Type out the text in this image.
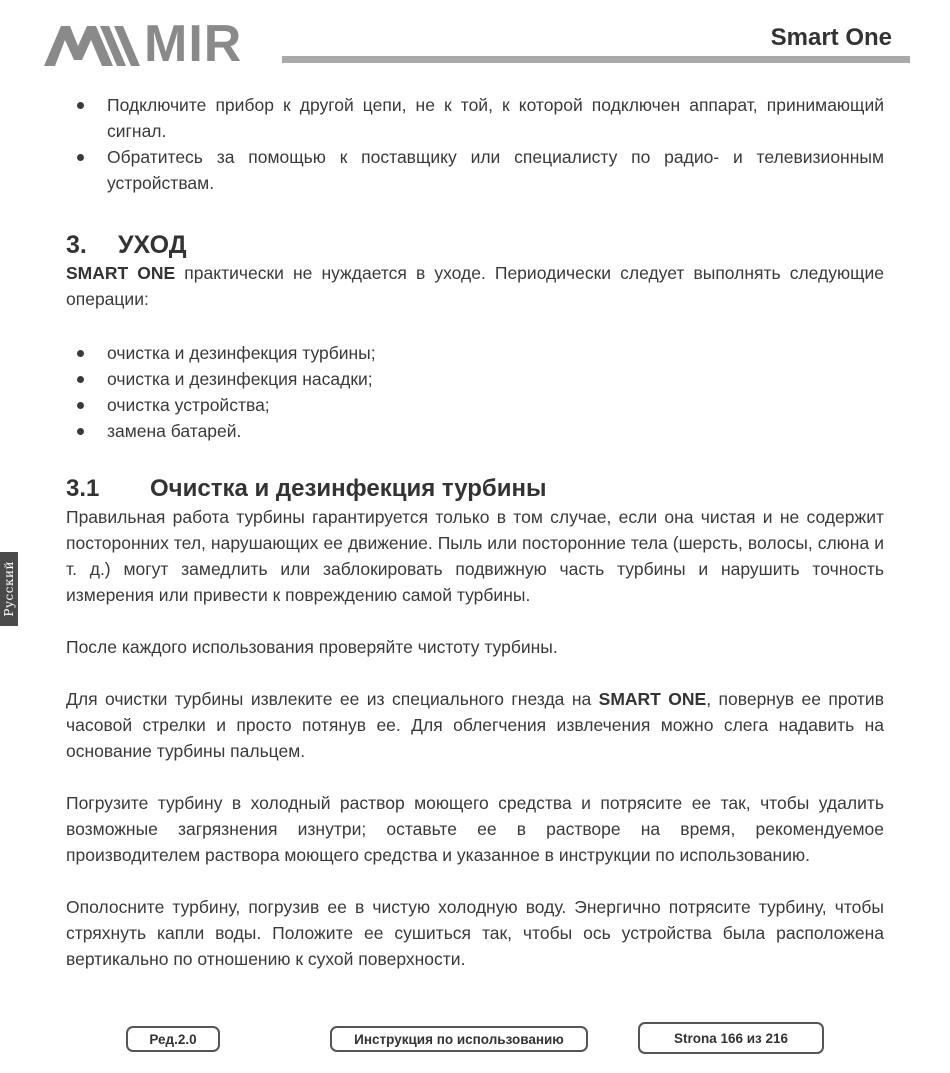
MIR	Smart One
Русский
Подключите прибор к другой цепи, не к той, к которой подключен аппарат, принимающий сигнал.
Обратитесь за помощью к поставщику или специалисту по радио- и телевизионным устройствам.
3. УХОД

SMART ONE практически не нуждается в уходе. Периодически следует выполнять следующие операции:

очистка и дезинфекция турбины;
очистка и дезинфекция насадки;
очистка устройства;
замена батарей.
3.1 Очистка и дезинфекция турбины

Правильная работа турбины гарантируется только в том случае, если она чистая и не содержит посторонних тел, нарушающих ее движение. Пыль или посторонние тела (шерсть, волосы, слюна и т. д.) могут замедлить или заблокировать подвижную часть турбины и нарушить точность измерения или привести к повреждению самой турбины.

После каждого использования проверяйте чистоту турбины.

Для очистки турбины извлеките ее из специального гнезда на SMART ONE, повернув ее против часовой стрелки и просто потянув ее. Для облегчения извлечения можно слега надавить на основание турбины пальцем.

Погрузите турбину в холодный раствор моющего средства и потрясите ее так, чтобы удалить возможные загрязнения изнутри; оставьте ее в растворе на время, рекомендуемое производителем раствора моющего средства и указанное в инструкции по использованию.

Ополосните турбину, погрузив ее в чистую холодную воду. Энергично потрясите турбину, чтобы стряхнуть капли воды. Положите ее сушиться так, чтобы ось устройства была расположена вертикально по отношению к сухой поверхности.

Ред.2.0	Инструкция по использованию	Strona 166 из 216
